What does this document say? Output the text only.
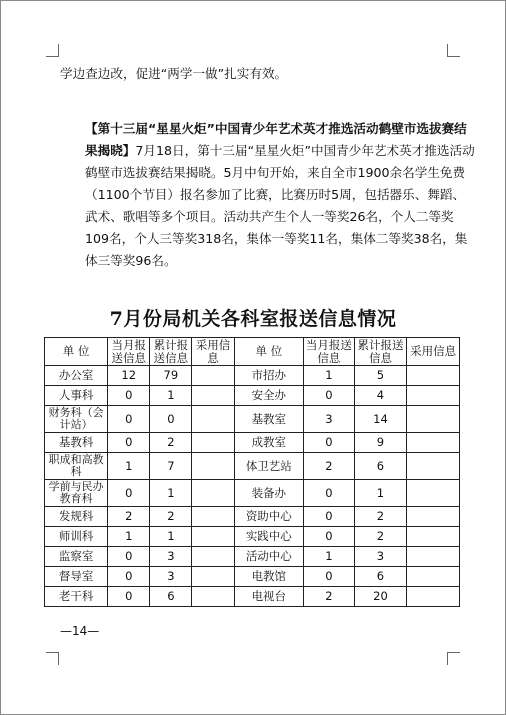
学边查边改，促进“两学一做”扎实有效。

【第十三届“星星火炬”中国青少年艺术英才推选活动鹤壁市选拔赛结果揭晓】7月18日，第十三届“星星火炬”中国青少年艺术英才推选活动鹤壁市选拔赛结果揭晓。5月中旬开始，来自全市1900余名学生免费（1100个节目）报名参加了比赛，比赛历时5周，包括器乐、舞蹈、武术、歌唱等多个项目。活动共产生个人一等奖26名，个人二等奖109名，个人三等奖318名，集体一等奖11名，集体二等奖38名，集体三等奖96名。

7月份局机关各科室报送信息情况
单 位	当月报送信息	累计报送信息	采用信息	单 位	当月报送信息	累计报送信息	采用信息
办公室	12	79		市招办	1	5	
人事科	0	1		安全办	0	4	
财务科（会计站）	0	0		基教室	3	14	
基教科	0	2		成教室	0	9	
职成和高教科	1	7		体卫艺站	2	6	
学前与民办教育科	0	1		装备办	0	1	
发规科	2	2		资助中心	0	2	
师训科	1	1		实践中心	0	2	
监察室	0	3		活动中心	1	3	
督导室	0	3		电教馆	0	6	
老干科	0	6		电视台	2	20	
—14—
